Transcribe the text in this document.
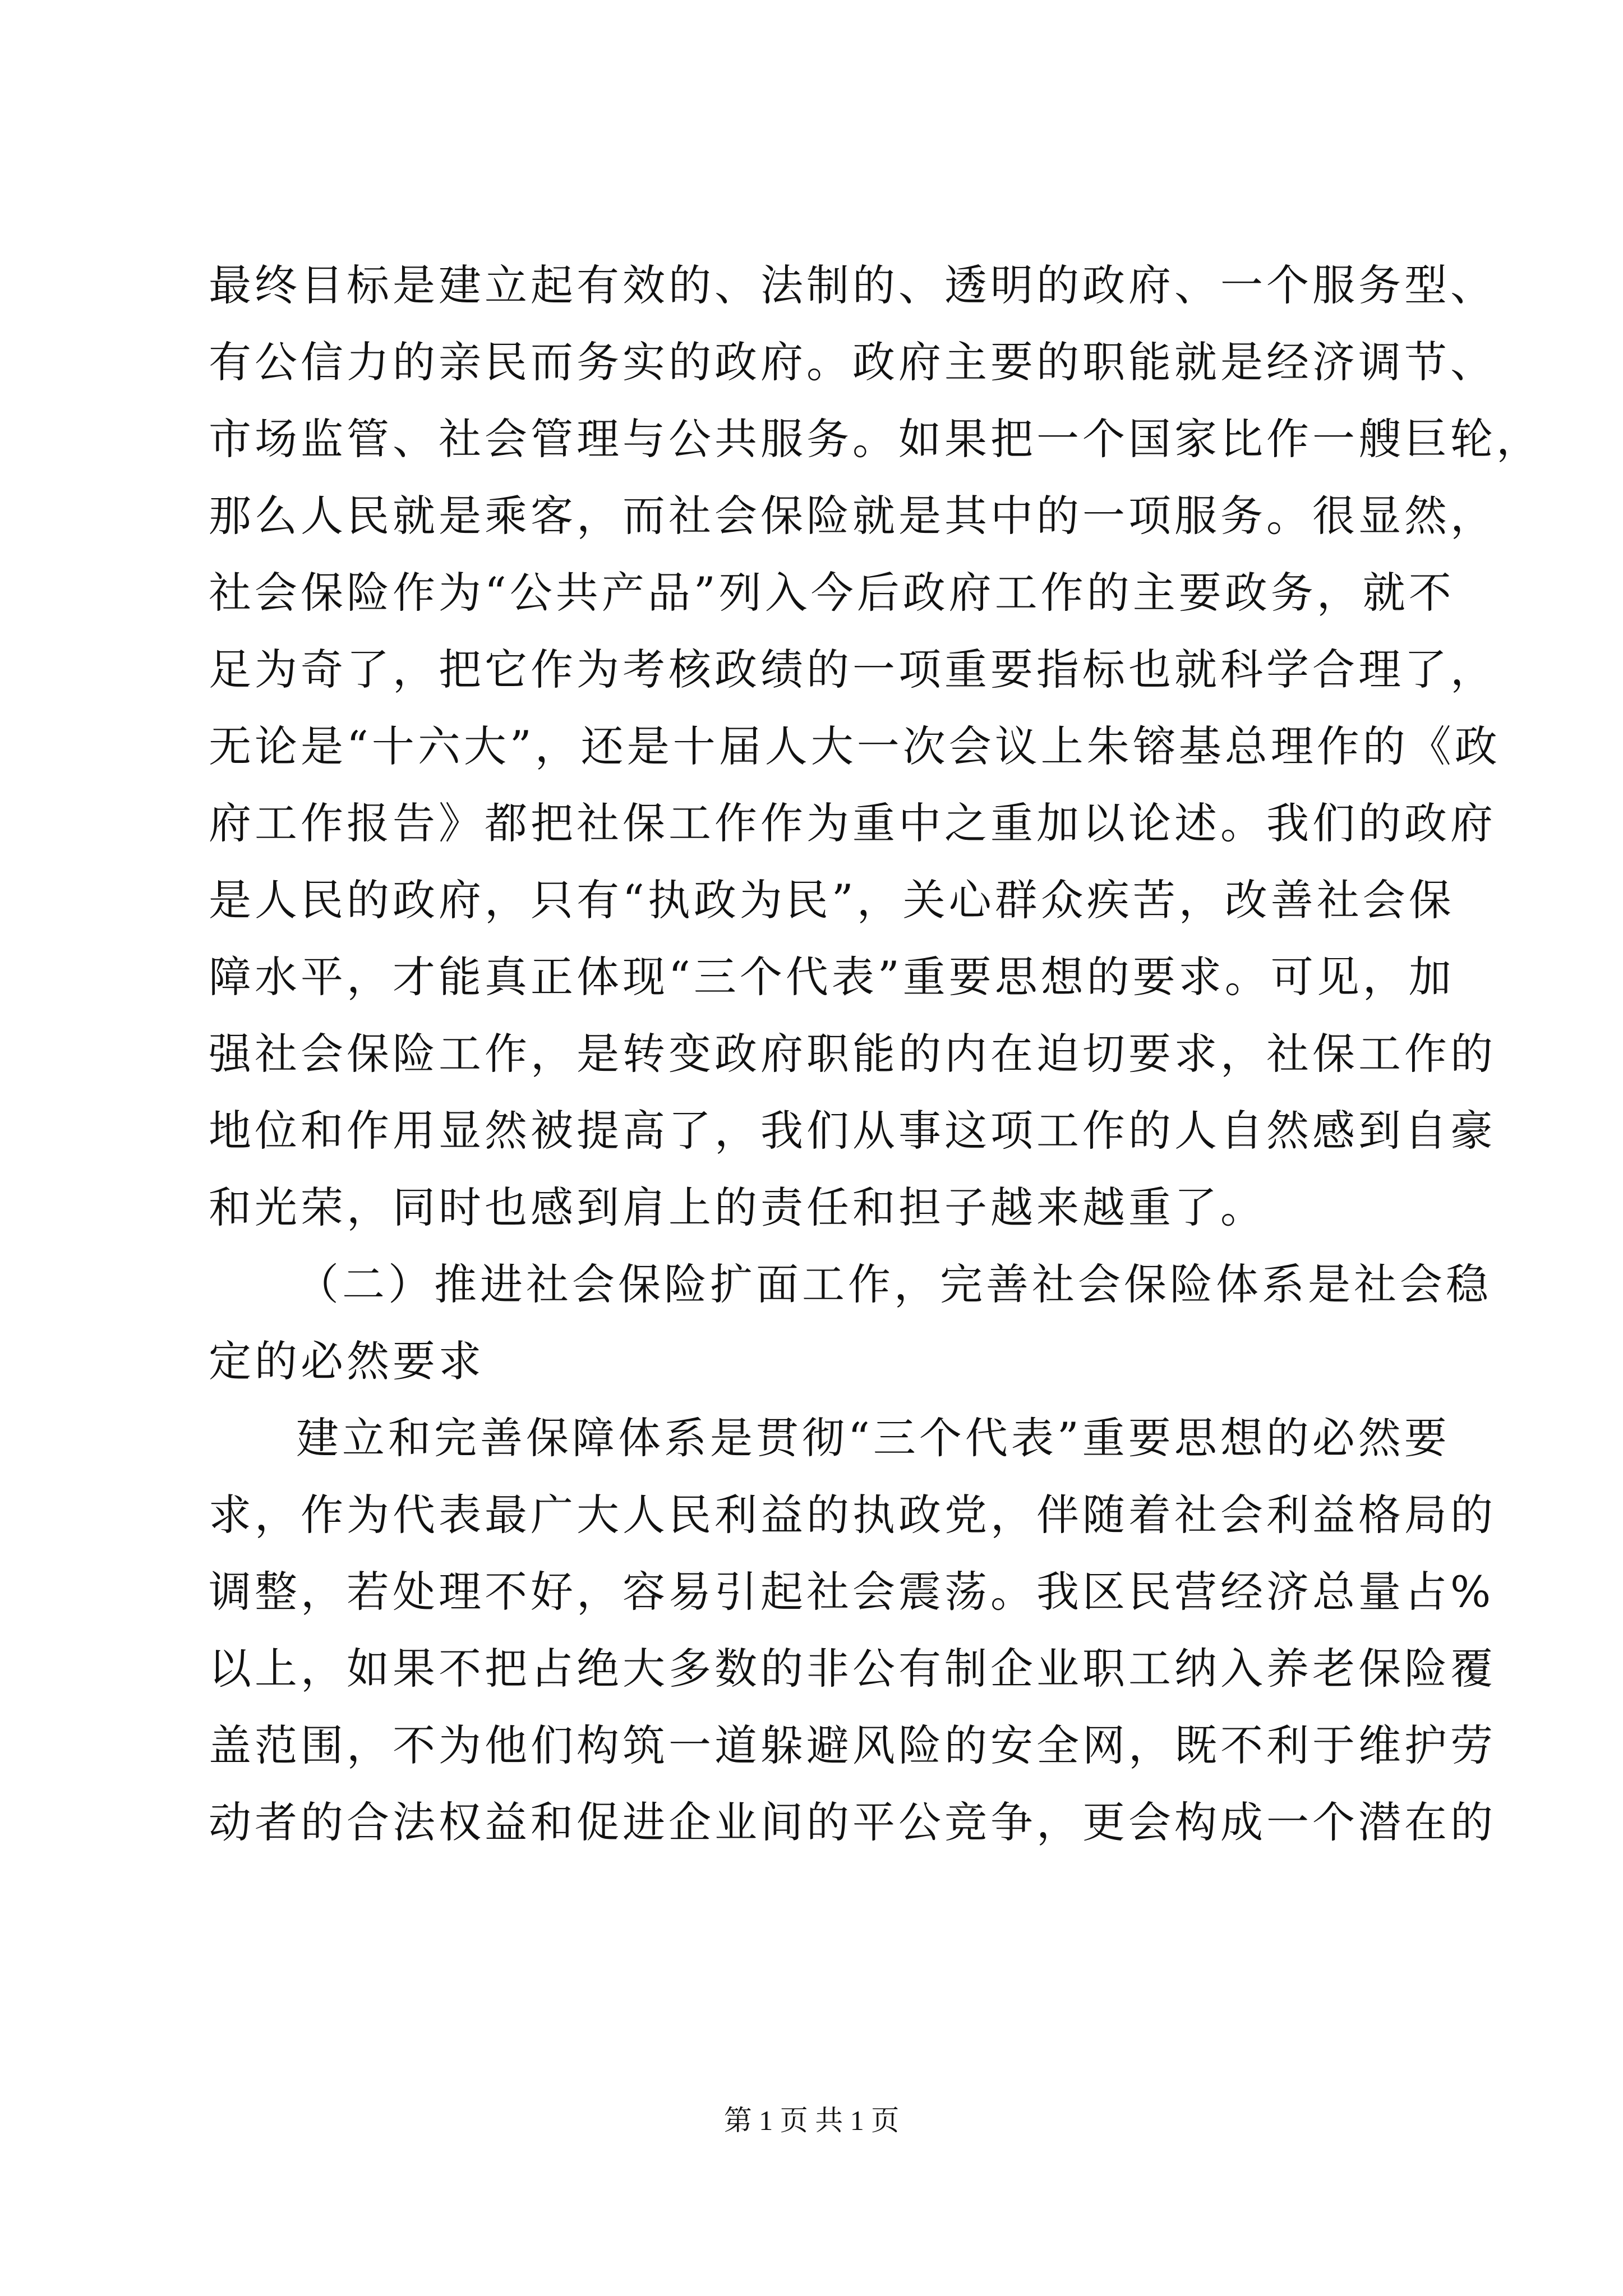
最终目标是建立起有效的、法制的、透明的政府、一个服务型、
有公信力的亲民而务实的政府。政府主要的职能就是经济调节、
市场监管、社会管理与公共服务。如果把一个国家比作一艘巨轮，
那么人民就是乘客，而社会保险就是其中的一项服务。很显然，
社会保险作为“公共产品”列入今后政府工作的主要政务，就不
足为奇了，把它作为考核政绩的一项重要指标也就科学合理了，
无论是“十六大”，还是十届人大一次会议上朱镕基总理作的《政
府工作报告》都把社保工作作为重中之重加以论述。我们的政府
是人民的政府，只有“执政为民”，关心群众疾苦，改善社会保
障水平，才能真正体现“三个代表”重要思想的要求。可见，加
强社会保险工作，是转变政府职能的内在迫切要求，社保工作的
地位和作用显然被提高了，我们从事这项工作的人自然感到自豪
和光荣，同时也感到肩上的责任和担子越来越重了。
（二）推进社会保险扩面工作，完善社会保险体系是社会稳
定的必然要求
建立和完善保障体系是贯彻“三个代表”重要思想的必然要
求，作为代表最广大人民利益的执政党，伴随着社会利益格局的
调整，若处理不好，容易引起社会震荡。我区民营经济总量占%
以上，如果不把占绝大多数的非公有制企业职工纳入养老保险覆
盖范围，不为他们构筑一道躲避风险的安全网，既不利于维护劳
动者的合法权益和促进企业间的平公竞争，更会构成一个潜在的
第 1 页 共 1 页
